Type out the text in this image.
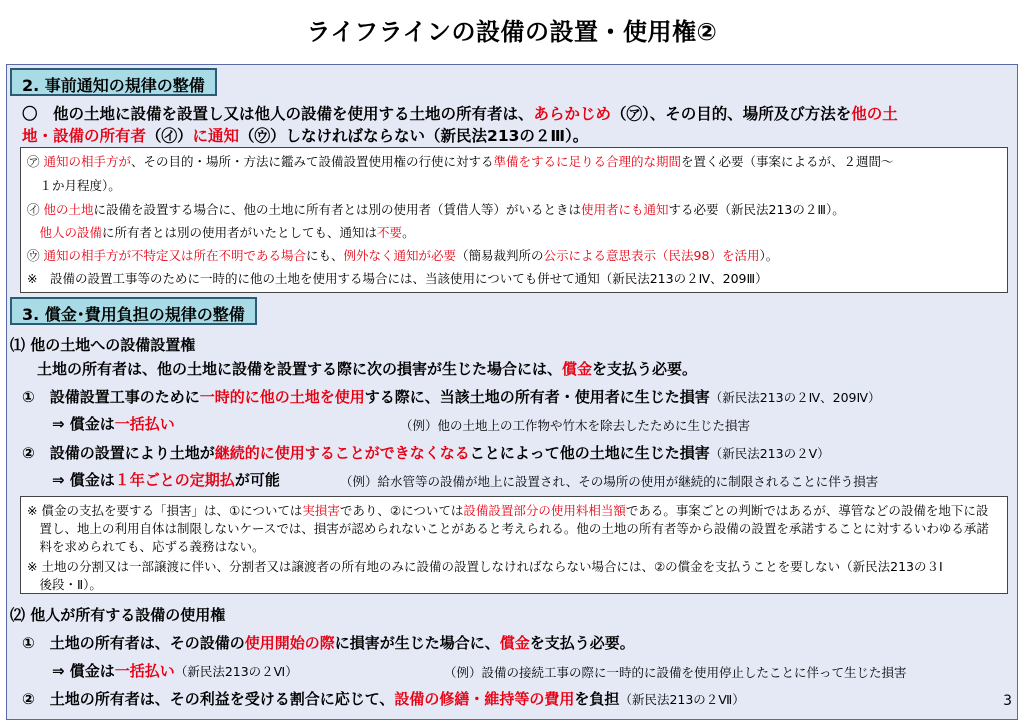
ライフラインの設備の設置・使用権②
2. 事前通知の規律の整備
〇　他の土地に設備を設置し又は他人の設備を使用する土地の所有者は、あらかじめ（㋐）、その目的、場所及び方法を他の土
地・設備の所有者（㋑）に通知（㋒）しなければならない（新民法213の２Ⅲ）。
㋐ 通知の相手方が、その目的・場所・方法に鑑みて設備設置使用権の行使に対する準備をするに足りる合理的な期間を置く必要（事案によるが、２週間～
　１か月程度）。
㋑ 他の土地に設備を設置する場合に、他の土地に所有者とは別の使用者（賃借人等）がいるときは使用者にも通知する必要（新民法213の２Ⅲ）。
　他人の設備に所有者とは別の使用者がいたとしても、通知は不要。
㋒ 通知の相手方が不特定又は所在不明である場合にも、例外なく通知が必要（簡易裁判所の公示による意思表示（民法98）を活用）。
※　設備の設置工事等のために一時的に他の土地を使用する場合には、当該使用についても併せて通知（新民法213の２Ⅳ、209Ⅲ）
3. 償金･費用負担の規律の整備
⑴ 他の土地への設備設置権
　土地の所有者は、他の土地に設備を設置する際に次の損害が生じた場合には、償金を支払う必要。
①　設備設置工事のために一時的に他の土地を使用する際に、当該土地の所有者・使用者に生じた損害（新民法213の２Ⅳ、209Ⅳ）
⇒ 償金は一括払い	（例）他の土地上の工作物や竹木を除去したために生じた損害
②　設備の設置により土地が継続的に使用することができなくなることによって他の土地に生じた損害（新民法213の２Ⅴ）
⇒ 償金は１年ごとの定期払が可能	（例）給水管等の設備が地上に設置され、その場所の使用が継続的に制限されることに伴う損害
※ 償金の支払を要する「損害」は、①については実損害であり、②については設備設置部分の使用料相当額である。事案ごとの判断ではあるが、導管などの設備を地下に設
　置し、地上の利用自体は制限しないケースでは、損害が認められないことがあると考えられる。他の土地の所有者等から設備の設置を承諾することに対するいわゆる承諾
　料を求められても、応ずる義務はない。
※ 土地の分割又は一部譲渡に伴い、分割者又は譲渡者の所有地のみに設備の設置しなければならない場合には、②の償金を支払うことを要しない（新民法213の３Ⅰ
　後段・Ⅱ）。
⑵ 他人が所有する設備の使用権
①　土地の所有者は、その設備の使用開始の際に損害が生じた場合に、償金を支払う必要。
⇒ 償金は一括払い（新民法213の２Ⅵ）	（例）設備の接続工事の際に一時的に設備を使用停止したことに伴って生じた損害
②　土地の所有者は、その利益を受ける割合に応じて、設備の修繕・維持等の費用を負担（新民法213の２Ⅶ）	3
